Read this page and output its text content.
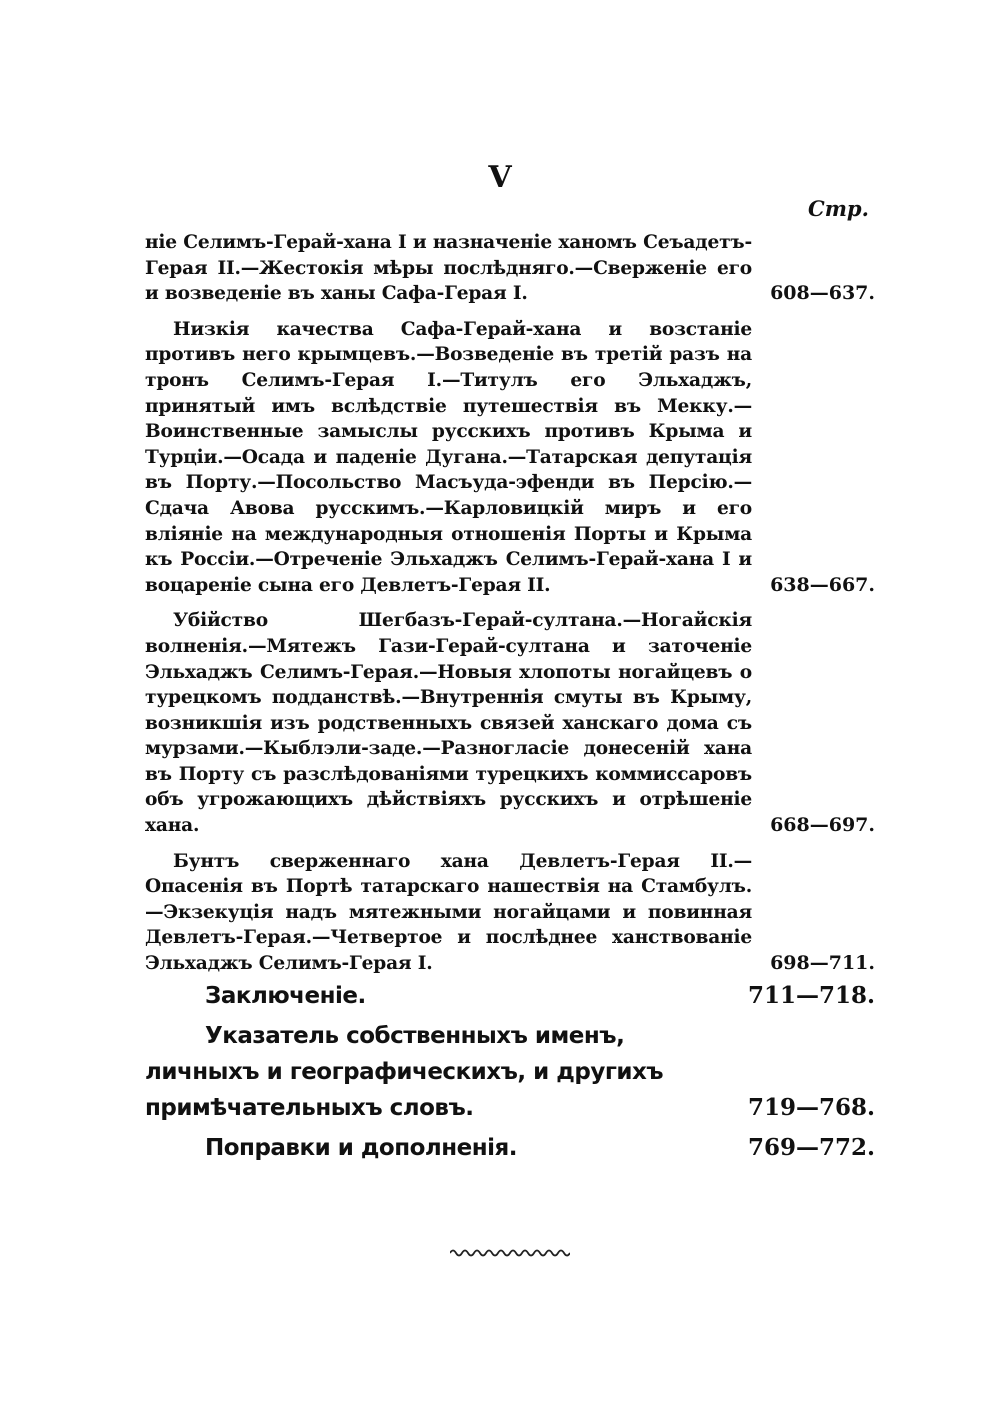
V
Стр.
ніе Селимъ-Герай-хана I и назначеніе ханомъ Сеъадетъ-Герая II.—Жестокія мѣры послѣдняго.—Сверженіе его и возведеніе въ ханы Сафа-Герая I.	608—637.
Низкія качества Сафа-Герай-хана и возстаніе противъ него крымцевъ.—Возведеніе въ третій разъ на тронъ Селимъ-Герая I.—Титулъ его Эльхаджъ, принятый имъ вслѣдствіе путешествія въ Мекку.—Воинственные замыслы русскихъ противъ Крыма и Турціи.—Осада и паденіе Дугана.—Татарская депутація въ Порту.—Посольство Масъуда-эфенди въ Персію.—Сдача Авова русскимъ.—Карловицкій миръ и его вліяніе на международныя отношенія Порты и Крыма къ Россіи.—Отреченіе Эльхаджъ Селимъ-Герай-хана I и воцареніе сына его Девлетъ-Герая II.	638—667.
Убійство Шегбазъ-Герай-султана.—Ногайскія волненія.—Мятежъ Гази-Герай-султана и заточеніе Эльхаджъ Селимъ-Герая.—Новыя хлопоты ногайцевъ о турецкомъ подданствѣ.—Внутреннія смуты въ Крыму, возникшія изъ родственныхъ связей ханскаго дома съ мурзами.—Кыблэли-заде.—Разногласіе донесеній хана въ Порту съ разслѣдованіями турецкихъ коммиссаровъ объ угрожающихъ дѣйствіяхъ русскихъ и отрѣшеніе хана.	668—697.
Бунтъ сверженнаго хана Девлетъ-Герая II.—Опасенія въ Портѣ татарскаго нашествія на Стамбулъ.—Экзекуція надъ мятежными ногайцами и повинная Девлетъ-Герая.—Четвертое и послѣднее ханствованіе Эльхаджъ Селимъ-Герая I.	698—711.
Заключеніе.	711—718.
Указатель собственныхъ именъ, личныхъ и географическихъ, и другихъ примѣчательныхъ словъ.	719—768.
Поправки и дополненія.	769—772.
